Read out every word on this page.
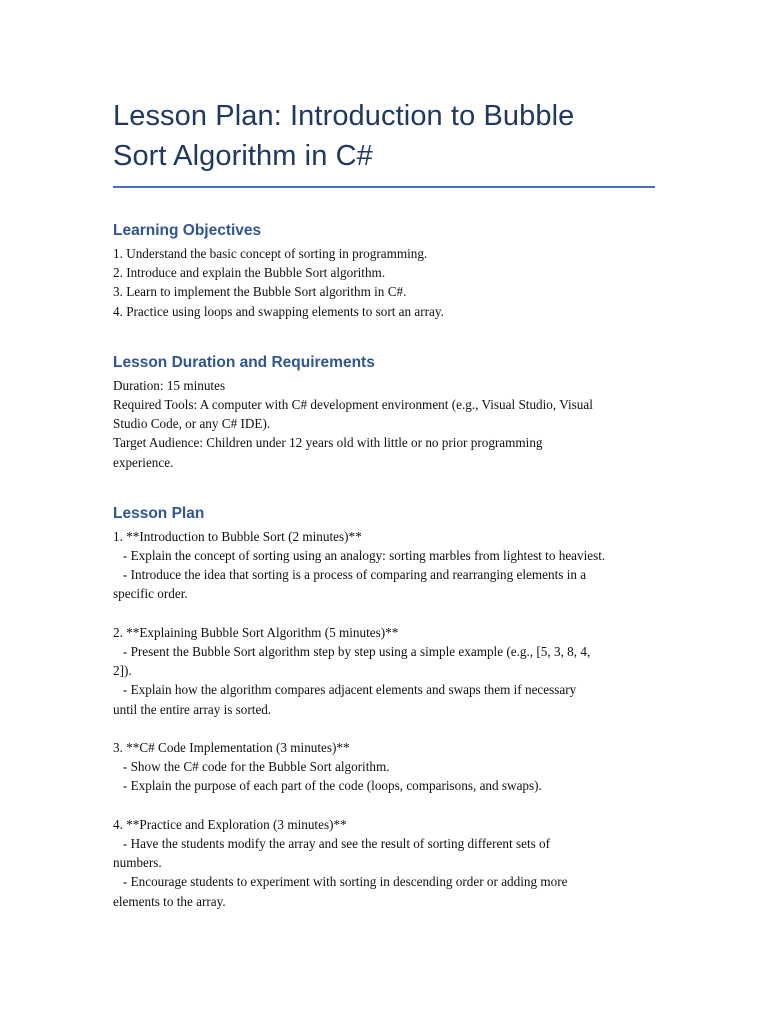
Lesson Plan: Introduction to Bubble
Sort Algorithm in C#
Learning Objectives

1. Understand the basic concept of sorting in programming.

2. Introduce and explain the Bubble Sort algorithm.

3. Learn to implement the Bubble Sort algorithm in C#.

4. Practice using loops and swapping elements to sort an array.

Lesson Duration and Requirements

Duration: 15 minutes

Required Tools: A computer with C# development environment (e.g., Visual Studio, Visual

Studio Code, or any C# IDE).

Target Audience: Children under 12 years old with little or no prior programming

experience.

Lesson Plan

1. **Introduction to Bubble Sort (2 minutes)**

- Explain the concept of sorting using an analogy: sorting marbles from lightest to heaviest.

- Introduce the idea that sorting is a process of comparing and rearranging elements in a

specific order.

2. **Explaining Bubble Sort Algorithm (5 minutes)**

- Present the Bubble Sort algorithm step by step using a simple example (e.g., [5, 3, 8, 4,

2]).

- Explain how the algorithm compares adjacent elements and swaps them if necessary

until the entire array is sorted.

3. **C# Code Implementation (3 minutes)**

- Show the C# code for the Bubble Sort algorithm.

- Explain the purpose of each part of the code (loops, comparisons, and swaps).

4. **Practice and Exploration (3 minutes)**

- Have the students modify the array and see the result of sorting different sets of

numbers.

- Encourage students to experiment with sorting in descending order or adding more

elements to the array.
